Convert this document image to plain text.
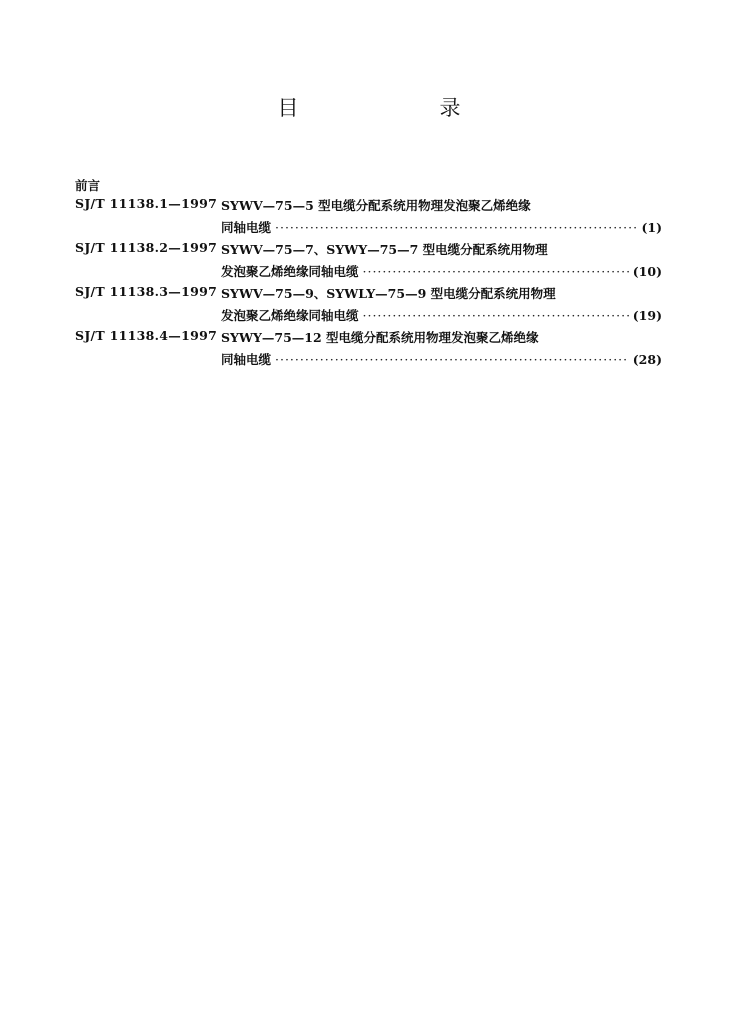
目　录
前言
SJ/T 11138.1—1997 SYWV—75—5 型电缆分配系统用物理发泡聚乙烯绝缘
同轴电缆 ·····	(1)
SJ/T 11138.2—1997 SYWV—75—7、SYWY—75—7 型电缆分配系统用物理
发泡聚乙烯绝缘同轴电缆 ·····	(10)
SJ/T 11138.3—1997 SYWV—75—9、SYWLY—75—9 型电缆分配系统用物理
发泡聚乙烯绝缘同轴电缆 ·····	(19)
SJ/T 11138.4—1997 SYWY—75—12 型电缆分配系统用物理发泡聚乙烯绝缘
同轴电缆 ·····	(28)
